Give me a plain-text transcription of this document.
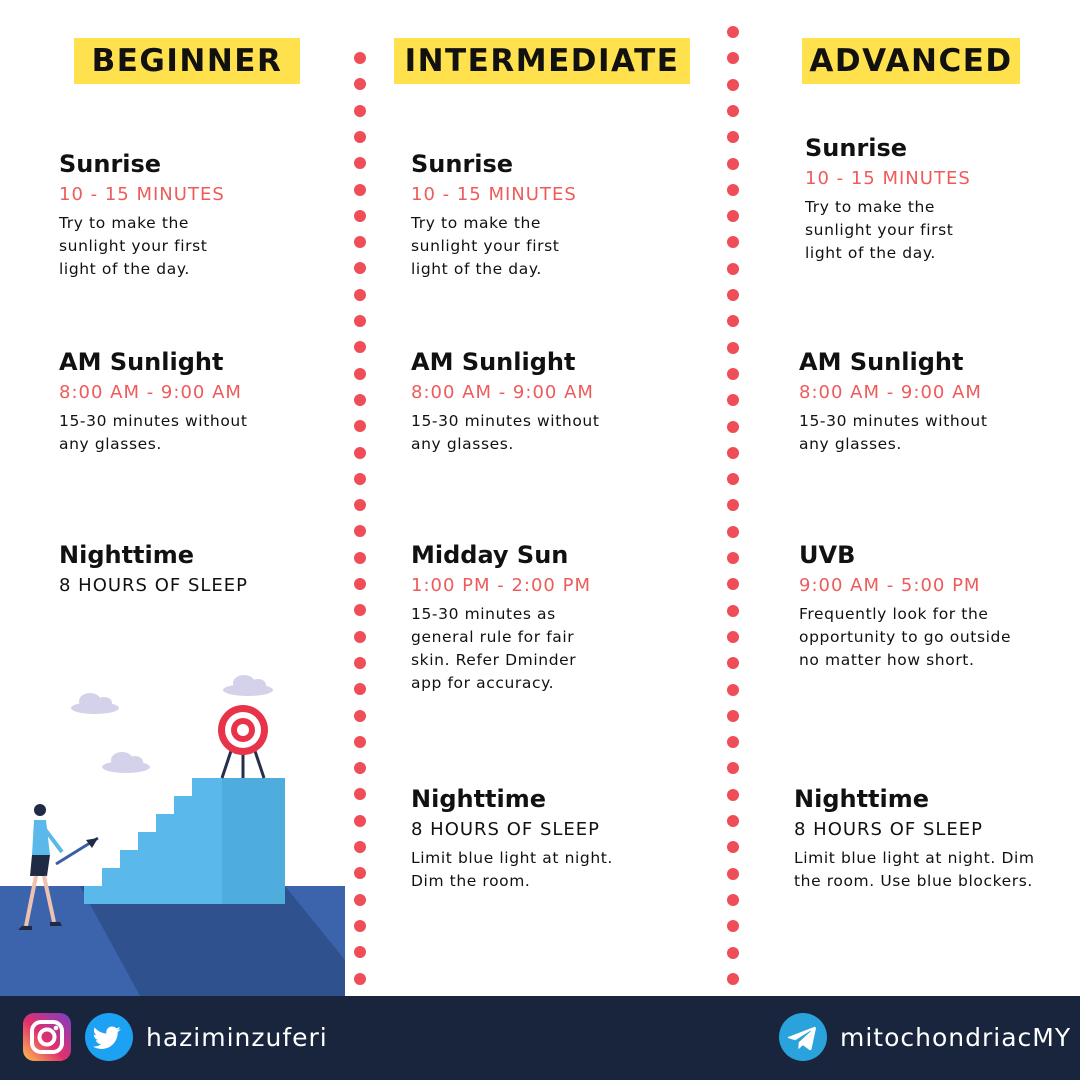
BEGINNER	INTERMEDIATE	ADVANCED
Sunrise
10 - 15 MINUTES
Try to make the sunlight your first light of the day.
AM Sunlight
8:00 AM - 9:00 AM
15-30 minutes without any glasses.
Nighttime
8 HOURS OF SLEEP
Sunrise
10 - 15 MINUTES
Try to make the sunlight your first light of the day.
AM Sunlight
8:00 AM - 9:00 AM
15-30 minutes without any glasses.
Midday Sun
1:00 PM - 2:00 PM
15-30 minutes as general rule for fair skin. Refer Dminder app for accuracy.
Nighttime
8 HOURS OF SLEEP
Limit blue light at night. Dim the room.
Sunrise
10 - 15 MINUTES
Try to make the sunlight your first light of the day.
AM Sunlight
8:00 AM - 9:00 AM
15-30 minutes without any glasses.
UVB
9:00 AM - 5:00 PM
Frequently look for the opportunity to go outside no matter how short.
Nighttime
8 HOURS OF SLEEP
Limit blue light at night. Dim the room. Use blue blockers.
haziminzuferi	mitochondriacMY
